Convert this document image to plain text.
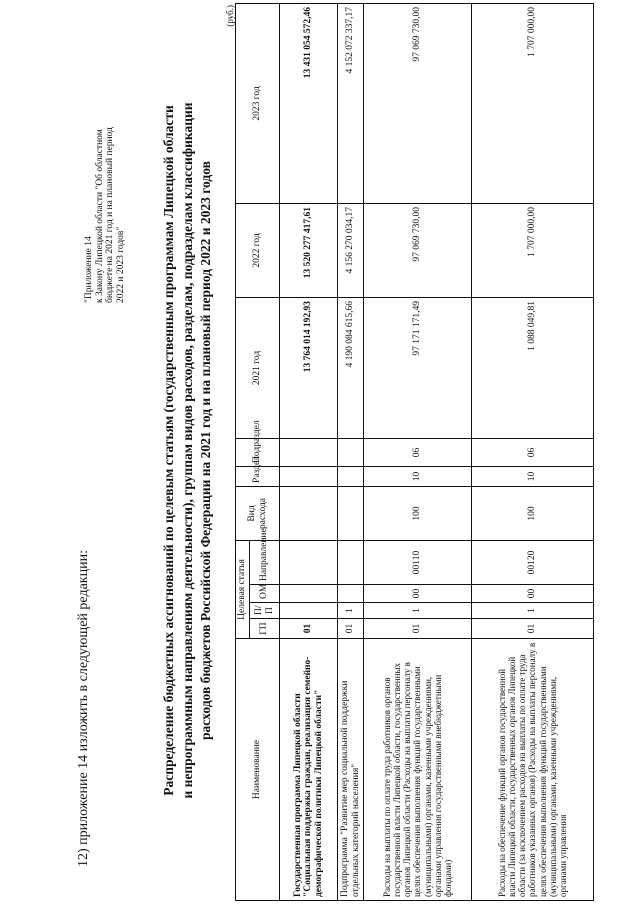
12) приложение 14 изложить в следующей редакции:
"Приложение 14 к Закону Липецкой области "Об областном бюджете на 2021 год и на плановый период 2022 и 2023 годов"	Распределение бюджетных ассигнований по целевым статьям (государственным программам Липецкой области и непрограммным направлениям деятельности), группам видов расходов, разделам, подразделам классификации расходов бюджетов Российской Федерации на 2021 год и на плановый период 2022 и 2023 годов
(руб.)
Наименование	Целевая статья				Вид расхода	Раздел	Подраздел	2021 год	2022 год	2023 год
	ГП	П/П	ОМ	Направление						
Государственная программа Липецкой области "Социальная поддержка граждан, реализация семейно-демографической политики Липецкой области"	01							13 764 014 192,93	13 520 277 417,61	13 431 054 572,46
Подпрограмма "Развитие мер социальной поддержки отдельных категорий населения"	01	1						4 190 084 615,66	4 156 270 034,17	4 152 072 337,17
Расходы на выплаты по оплате труда работников органов государственной власти Липецкой области, государственных органов Липецкой области (Расходы на выплаты персоналу в целях обеспечения выполнения функций государственными (муниципальными) органами, казенными учреждениями, органами управления государственными внебюджетными фондами)	01	1	00	00110	100	10	06	97 171 171,49	97 069 730,00	97 069 730,00
Расходы на обеспечение функций органов государственной власти Липецкой области, государственных органов Липецкой области (за исключением расходов на выплаты по оплате труда работников указанных органов) (Расходы на выплаты персоналу в целях обеспечения выполнения функций государственными (муниципальными) органами, казенными учреждениями, органами управления	01	1	00	00120	100	10	06	1 088 049,81	1 707 000,00	1 707 000,00
